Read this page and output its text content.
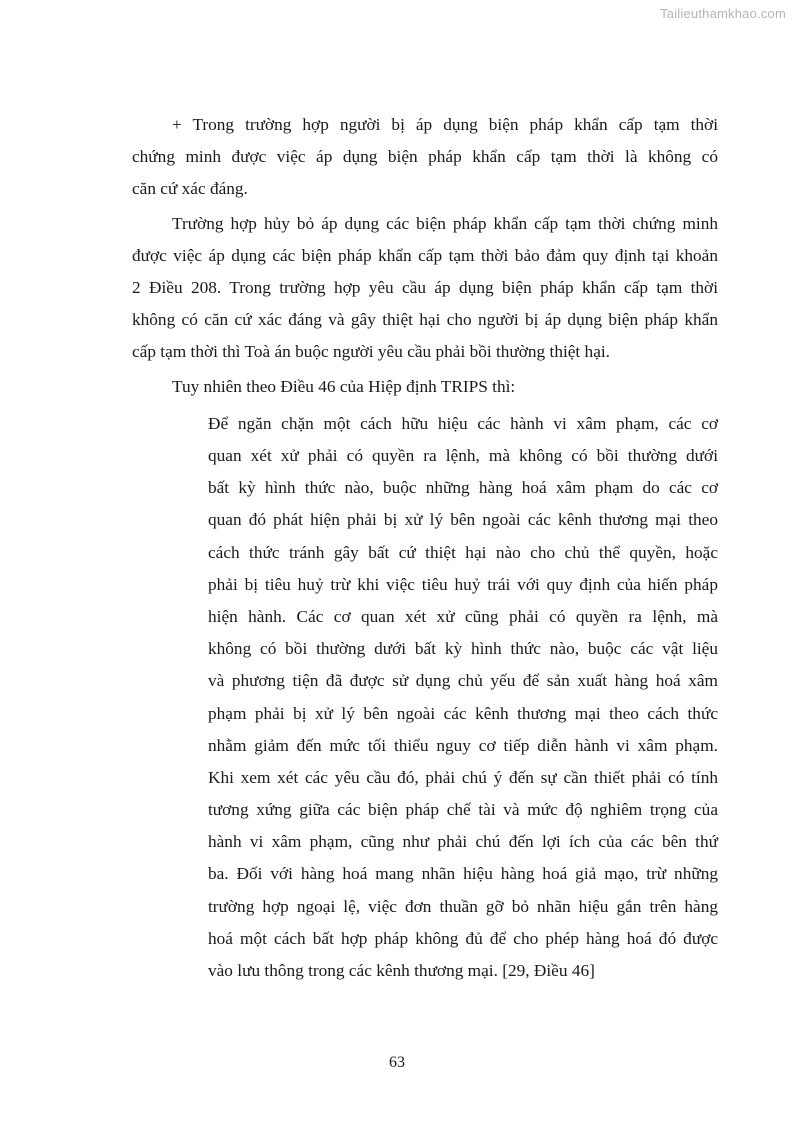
Tailieuthamkhao.com

+ Trong trường hợp người bị áp dụng biện pháp khẩn cấp tạm thời
chứng minh được việc áp dụng biện pháp khẩn cấp tạm thời là không có
căn cứ xác đáng.

Trường hợp hủy bỏ áp dụng các biện pháp khẩn cấp tạm thời chứng minh
được việc áp dụng các biện pháp khẩn cấp tạm thời bảo đảm quy định tại khoản
2 Điều 208. Trong trường hợp yêu cầu áp dụng biện pháp khẩn cấp tạm thời
không có căn cứ xác đáng và gây thiệt hại cho người bị áp dụng biện pháp khẩn
cấp tạm thời thì Toà án buộc người yêu cầu phải bồi thường thiệt hại.

Tuy nhiên theo Điều 46 của Hiệp định TRIPS thì:

Để ngăn chặn một cách hữu hiệu các hành vi xâm phạm, các cơ
quan xét xử phải có quyền ra lệnh, mà không có bồi thường dưới
bất kỳ hình thức nào, buộc những hàng hoá xâm phạm do các cơ
quan đó phát hiện phải bị xử lý bên ngoài các kênh thương mại theo
cách thức tránh gây bất cứ thiệt hại nào cho chủ thể quyền, hoặc
phải bị tiêu huỷ trừ khi việc tiêu huỷ trái với quy định của hiến pháp
hiện hành. Các cơ quan xét xử cũng phải có quyền ra lệnh, mà
không có bồi thường dưới bất kỳ hình thức nào, buộc các vật liệu
và phương tiện đã được sử dụng chủ yếu để sản xuất hàng hoá xâm
phạm phải bị xử lý bên ngoài các kênh thương mại theo cách thức
nhằm giảm đến mức tối thiểu nguy cơ tiếp diễn hành vi xâm phạm.
Khi xem xét các yêu cầu đó, phải chú ý đến sự cần thiết phải có tính
tương xứng giữa các biện pháp chế tài và mức độ nghiêm trọng của
hành vi xâm phạm, cũng như phải chú đến lợi ích của các bên thứ
ba. Đối với hàng hoá mang nhãn hiệu hàng hoá giả mạo, trừ những
trường hợp ngoại lệ, việc đơn thuần gỡ bỏ nhãn hiệu gắn trên hàng
hoá một cách bất hợp pháp không đủ để cho phép hàng hoá đó được
vào lưu thông trong các kênh thương mại. [29, Điều 46]

63
